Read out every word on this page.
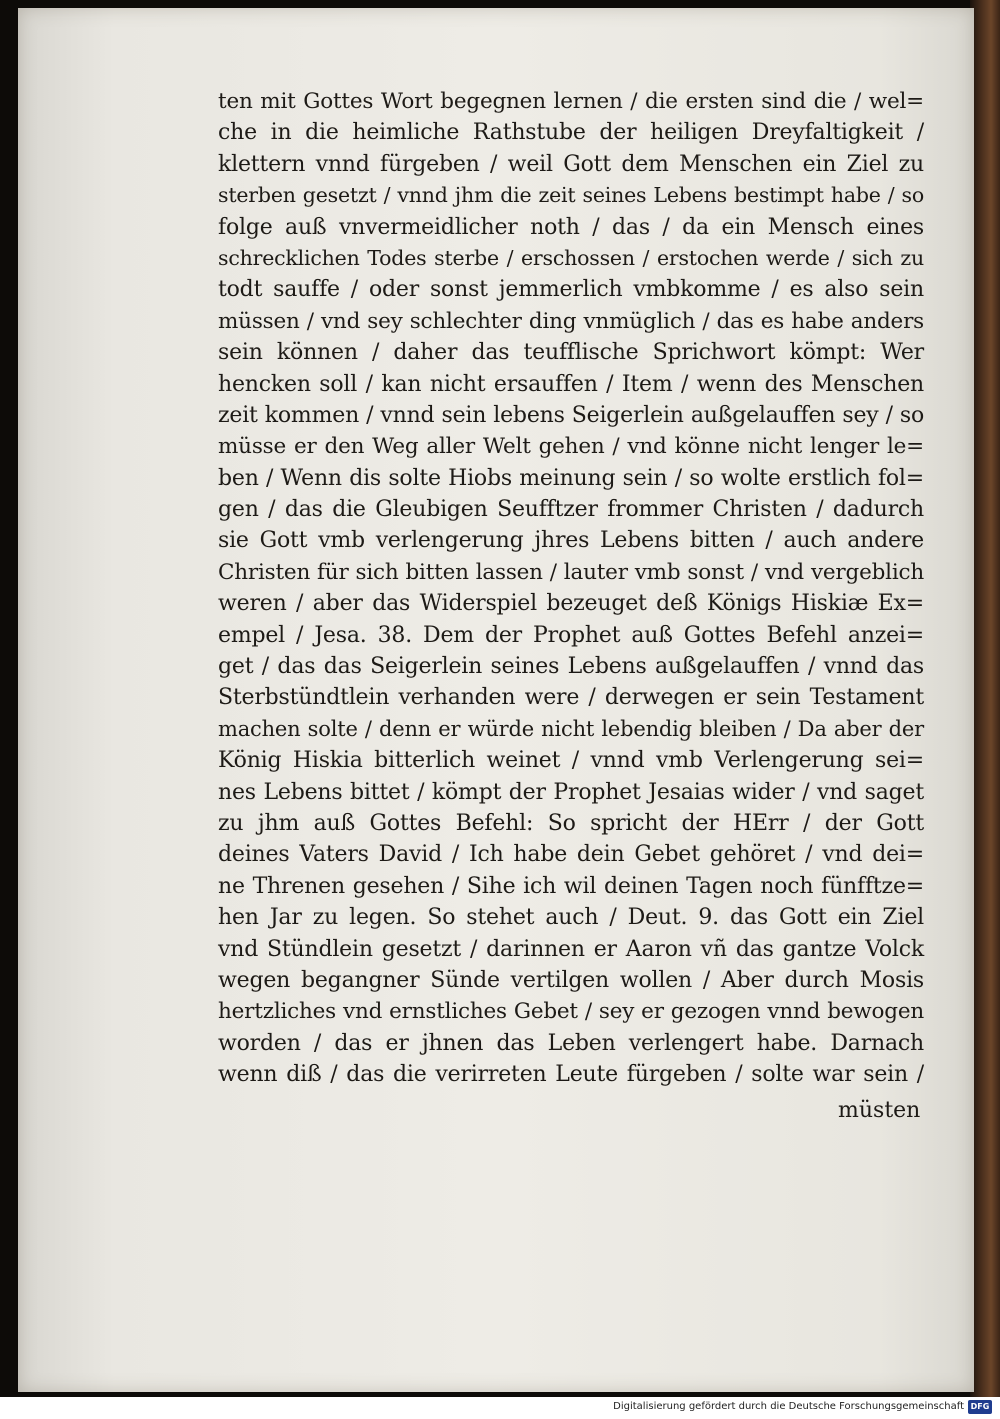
ten mit Gottes Wort begegnen lernen / die ersten sind die / wel=
che in die heimliche Rathstube der heiligen Dreyfaltigkeit /
klettern vnnd fürgeben / weil Gott dem Menschen ein Ziel zu
sterben gesetzt / vnnd jhm die zeit seines Lebens bestimpt habe / so
folge auß vnvermeidlicher noth / das / da ein Mensch eines
schrecklichen Todes sterbe / erschossen / erstochen werde / sich zu
todt sauffe / oder sonst jemmerlich vmbkomme / es also sein
müssen / vnd sey schlechter ding vnmüglich / das es habe anders
sein können / daher das teufflische Sprichwort kömpt: Wer
hencken soll / kan nicht ersauffen / Item / wenn des Menschen
zeit kommen / vnnd sein lebens Seigerlein außgelauffen sey / so
müsse er den Weg aller Welt gehen / vnd könne nicht lenger le=
ben / Wenn dis solte Hiobs meinung sein / so wolte erstlich fol=
gen / das die Gleubigen Seufftzer frommer Christen / dadurch
sie Gott vmb verlengerung jhres Lebens bitten / auch andere
Christen für sich bitten lassen / lauter vmb sonst / vnd vergeblich
weren / aber das Widerspiel bezeuget deß Königs Hiskiæ Ex=
empel / Jesa. 38. Dem der Prophet auß Gottes Befehl anzei=
get / das das Seigerlein seines Lebens außgelauffen / vnnd das
Sterbstündtlein verhanden were / derwegen er sein Testament
machen solte / denn er würde nicht lebendig bleiben / Da aber der
König Hiskia bitterlich weinet / vnnd vmb Verlengerung sei=
nes Lebens bittet / kömpt der Prophet Jesaias wider / vnd saget
zu jhm auß Gottes Befehl: So spricht der HErr / der Gott
deines Vaters David / Ich habe dein Gebet gehöret / vnd dei=
ne Threnen gesehen / Sihe ich wil deinen Tagen noch fünfftze=
hen Jar zu legen. So stehet auch / Deut. 9. das Gott ein Ziel
vnd Stündlein gesetzt / darinnen er Aaron vñ das gantze Volck
wegen begangner Sünde vertilgen wollen / Aber durch Mosis
hertzliches vnd ernstliches Gebet / sey er gezogen vnnd bewogen
worden / das er jhnen das Leben verlengert habe. Darnach
wenn diß / das die verirreten Leute fürgeben / solte war sein /
müsten
Digitalisierung gefördert durch die Deutsche Forschungsgemeinschaft DFG
